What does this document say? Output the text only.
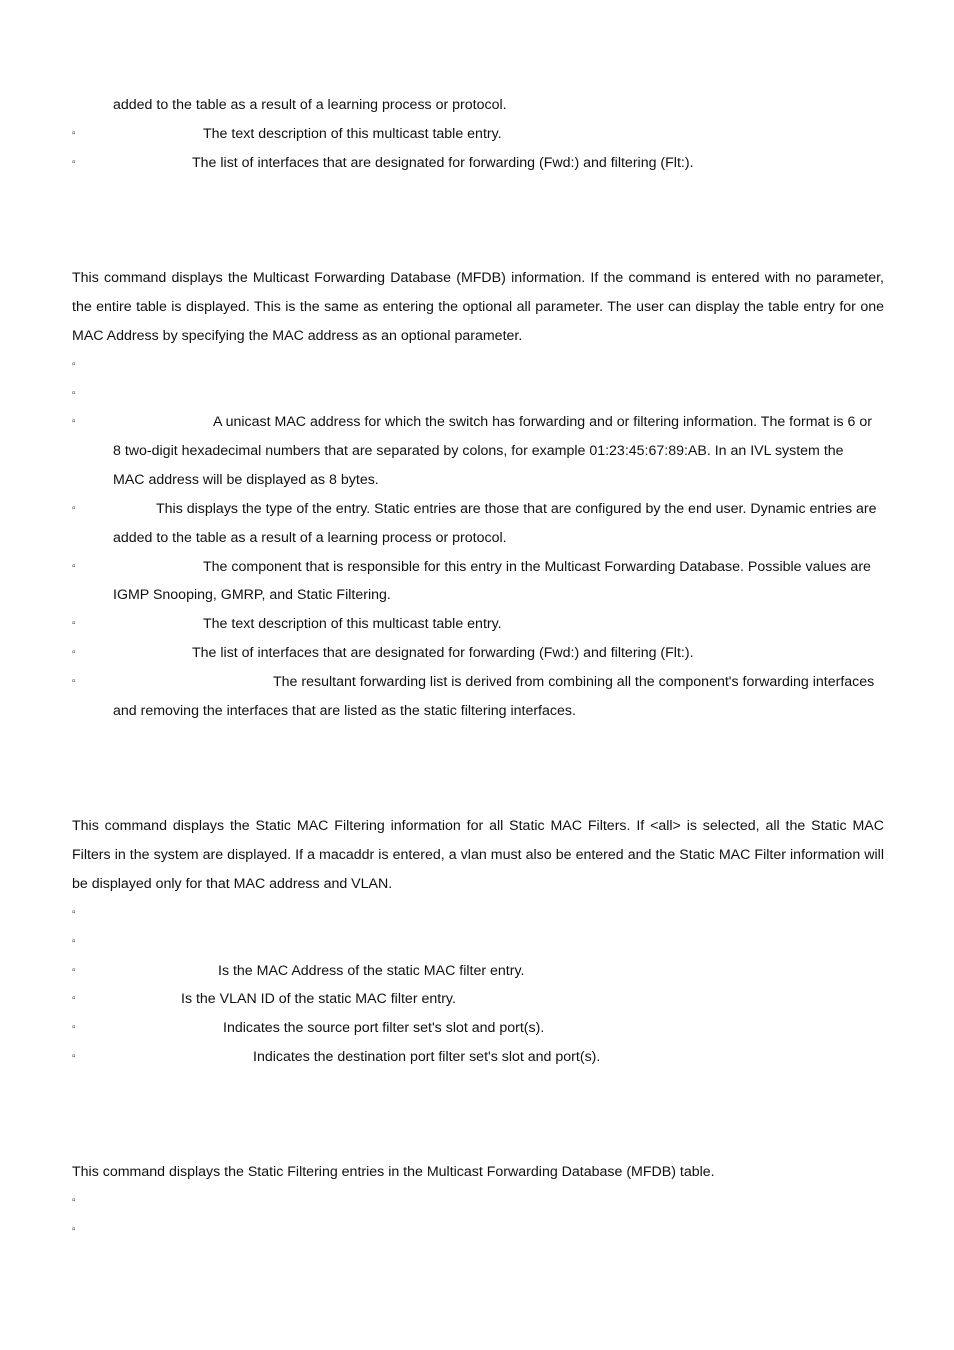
added to the table as a result of a learning process or protocol.
▫	The text description of this multicast table entry.
▫	The list of interfaces that are designated for forwarding (Fwd:) and filtering (Flt:).

This command displays the Multicast Forwarding Database (MFDB) information. If the command is entered with no parameter, the entire table is displayed. This is the same as entering the optional all parameter. The user can display the table entry for one MAC Address by specifying the MAC address as an optional parameter.

▫
▫
▫	A unicast MAC address for which the switch has forwarding and or filtering information. The format is 6 or
8 two-digit hexadecimal numbers that are separated by colons, for example 01:23:45:67:89:AB. In an IVL system the
MAC address will be displayed as 8 bytes.
▫	This displays the type of the entry. Static entries are those that are configured by the end user. Dynamic entries are
added to the table as a result of a learning process or protocol.
▫	The component that is responsible for this entry in the Multicast Forwarding Database. Possible values are
IGMP Snooping, GMRP, and Static Filtering.
▫	The text description of this multicast table entry.
▫	The list of interfaces that are designated for forwarding (Fwd:) and filtering (Flt:).
▫	The resultant forwarding list is derived from combining all the component's forwarding interfaces
and removing the interfaces that are listed as the static filtering interfaces.

This command displays the Static MAC Filtering information for all Static MAC Filters. If <all> is selected, all the Static MAC Filters in the system are displayed. If a macaddr is entered, a vlan must also be entered and the Static MAC Filter information will be displayed only for that MAC address and VLAN.

▫
▫
▫	Is the MAC Address of the static MAC filter entry.
▫	Is the VLAN ID of the static MAC filter entry.
▫	Indicates the source port filter set's slot and port(s).
▫	Indicates the destination port filter set's slot and port(s).
This command displays the Static Filtering entries in the Multicast Forwarding Database (MFDB) table.
▫
▫
